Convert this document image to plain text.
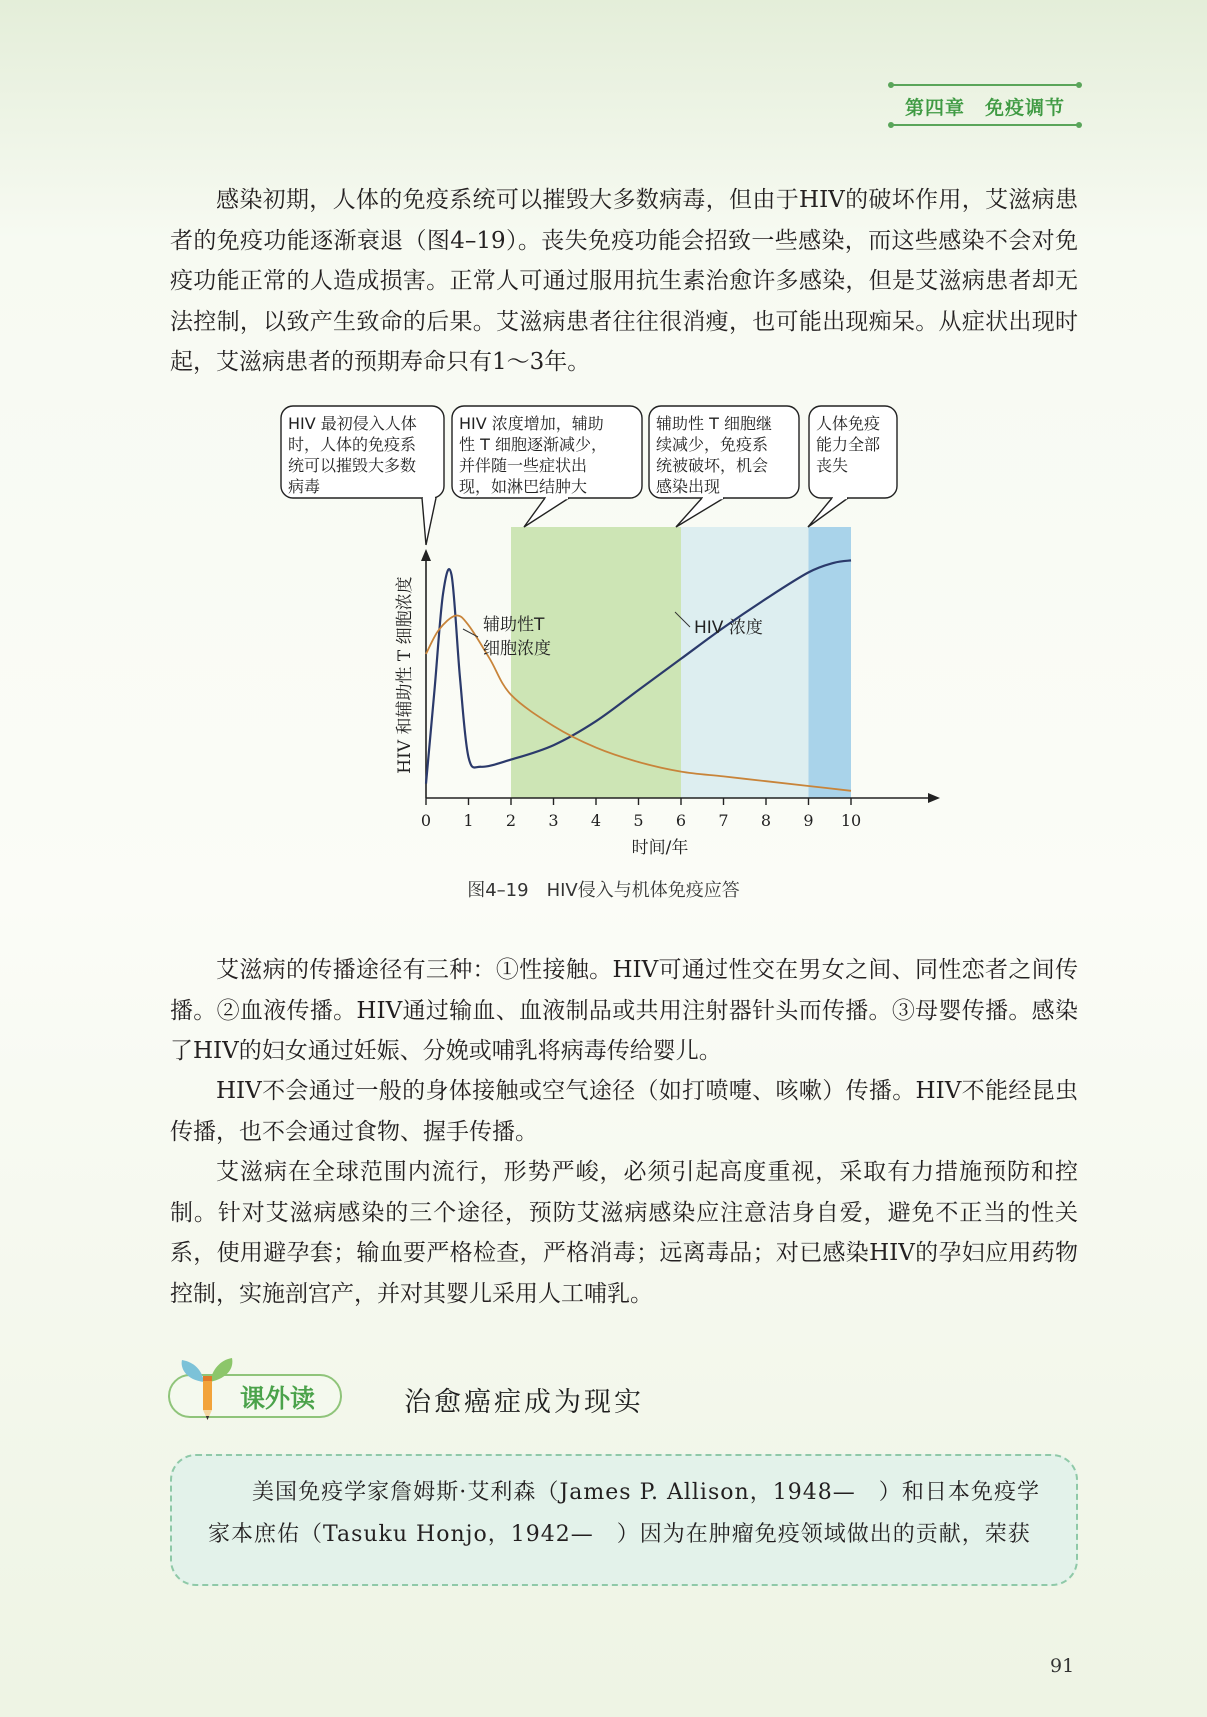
第四章　免疫调节

感染初期，人体的免疫系统可以摧毁大多数病毒，但由于HIV的破坏作用，艾滋病患者的免疫功能逐渐衰退（图4–19）。丧失免疫功能会招致一些感染，而这些感染不会对免疫功能正常的人造成损害。正常人可通过服用抗生素治愈许多感染，但是艾滋病患者却无法控制，以致产生致命的后果。艾滋病患者往往很消瘦，也可能出现痴呆。从症状出现时起，艾滋病患者的预期寿命只有1～3年。

HIV 最初侵入人体
时，人体的免疫系
统可以摧毁大多数
病毒
HIV 浓度增加，辅助
性 T 细胞逐渐减少，
并伴随一些症状出
现，如淋巴结肿大
辅助性 T 细胞继
续减少，免疫系
统被破坏，机会
感染出现
人体免疫
能力全部
丧失
0 1 2 3 4 5 6 7 8 9 10
辅助性T
细胞浓度
HIV 浓度
时间/年
HIV 和辅助性 T 细胞浓度
图4–19　HIV侵入与机体免疫应答

艾滋病的传播途径有三种：①性接触。HIV可通过性交在男女之间、同性恋者之间传播。②血液传播。HIV通过输血、血液制品或共用注射器针头而传播。③母婴传播。感染了HIV的妇女通过妊娠、分娩或哺乳将病毒传给婴儿。

HIV不会通过一般的身体接触或空气途径（如打喷嚏、咳嗽）传播。HIV不能经昆虫传播，也不会通过食物、握手传播。

艾滋病在全球范围内流行，形势严峻，必须引起高度重视，采取有力措施预防和控制。针对艾滋病感染的三个途径，预防艾滋病感染应注意洁身自爱，避免不正当的性关系，使用避孕套；输血要严格检查，严格消毒；远离毒品；对已感染HIV的孕妇应用药物控制，实施剖宫产，并对其婴儿采用人工哺乳。

课外读	治愈癌症成为现实

美国免疫学家詹姆斯·艾利森（James P. Allison，1948—　）和日本免疫学家本庶佑（Tasuku Honjo，1942—　）因为在肿瘤免疫领域做出的贡献，荣获

91
